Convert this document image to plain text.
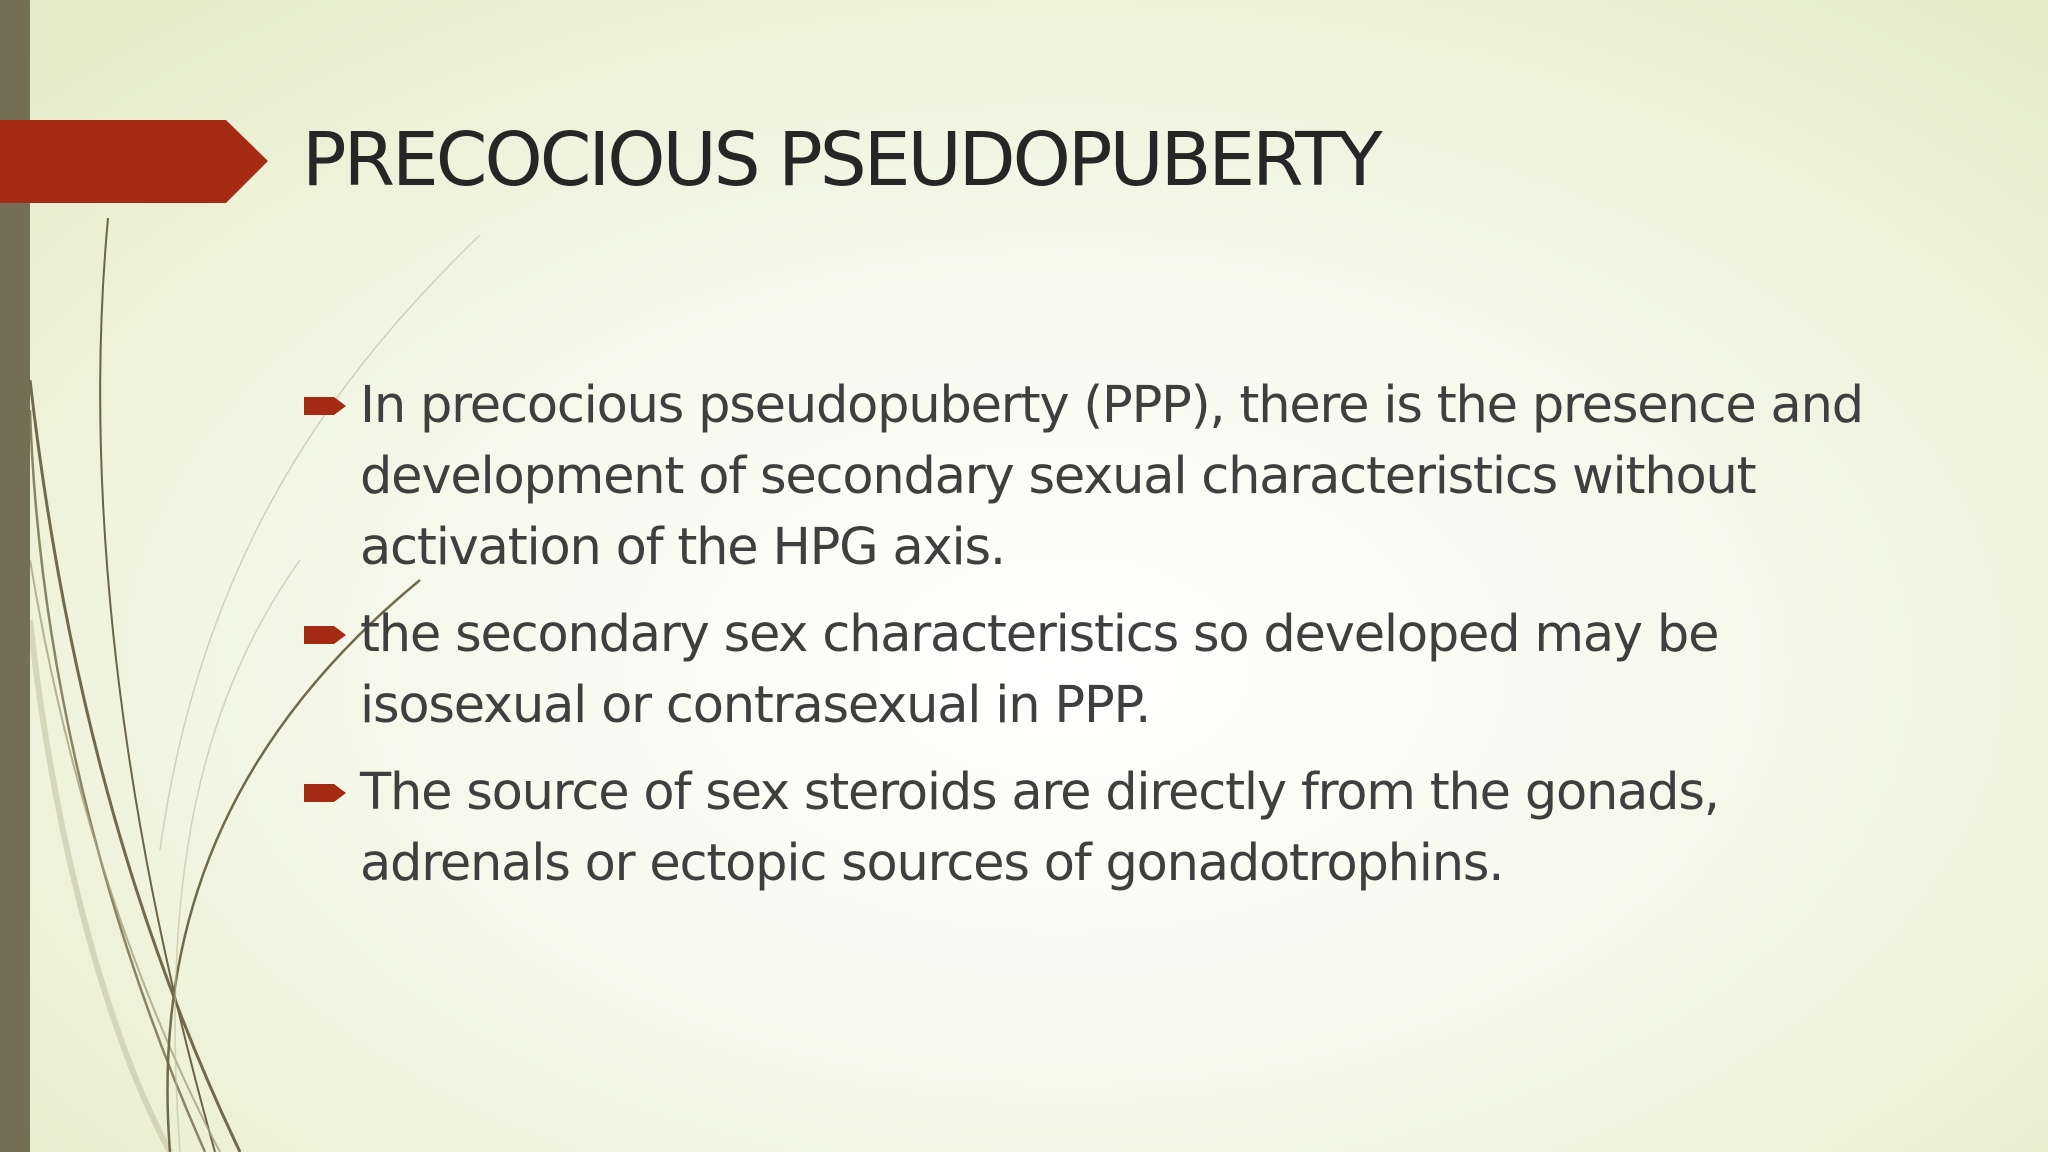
PRECOCIOUS PSEUDOPUBERTY
In precocious pseudopuberty (PPP), there is the presence and development of secondary sexual characteristics without activation of the HPG axis.
the secondary sex characteristics so developed may be isosexual or contrasexual in PPP.
The source of sex steroids are directly from the gonads, adrenals or ectopic sources of gonadotrophins.
